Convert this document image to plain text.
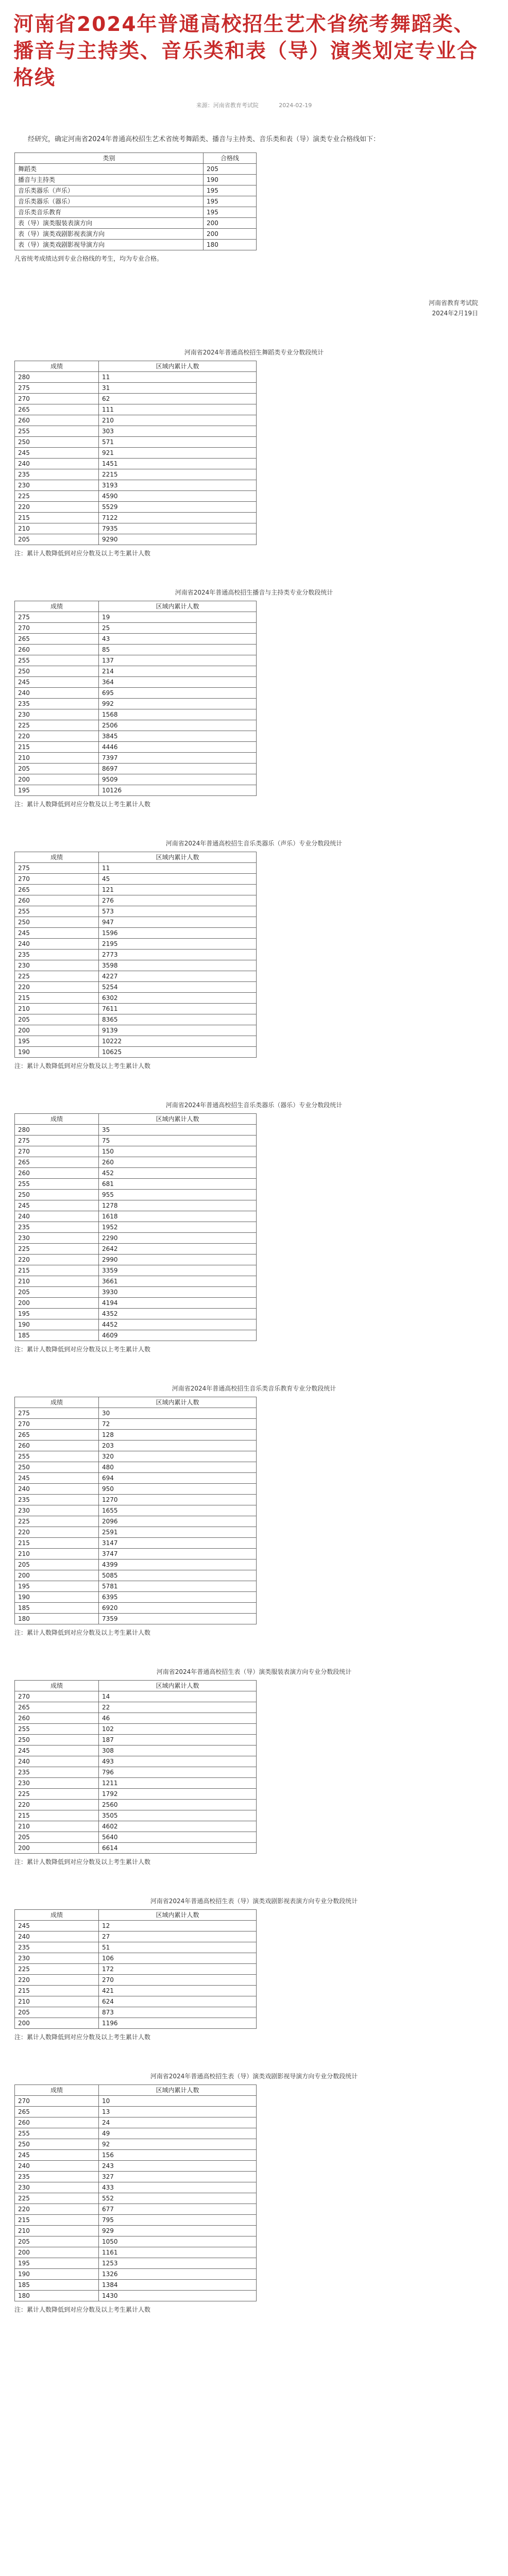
河南省2024年普通高校招生艺术省统考舞蹈类、播音与主持类、音乐类和表（导）演类划定专业合格线
来源：河南省教育考试院	2024-02-19

经研究，确定河南省2024年普通高校招生艺术省统考舞蹈类、播音与主持类、音乐类和表（导）演类专业合格线如下：

类别	合格线
舞蹈类	205
播音与主持类	190
音乐类器乐（声乐）	195
音乐类器乐（器乐）	195
音乐类音乐教育	195
表（导）演类服装表演方向	200
表（导）演类戏剧影视表演方向	200
表（导）演类戏剧影视导演方向	180
凡省统考成绩达到专业合格线的考生，均为专业合格。
河南省教育考试院
2024年2月19日
河南省2024年普通高校招生舞蹈类专业分数段统计
成绩	区域内累计人数
280	11
275	31
270	62
265	111
260	210
255	303
250	571
245	921
240	1451
235	2215
230	3193
225	4590
220	5529
215	7122
210	7935
205	9290
注：累计人数降低到对应分数及以上考生累计人数
河南省2024年普通高校招生播音与主持类专业分数段统计
成绩	区域内累计人数
275	19
270	25
265	43
260	85
255	137
250	214
245	364
240	695
235	992
230	1568
225	2506
220	3845
215	4446
210	7397
205	8697
200	9509
195	10126
注：累计人数降低到对应分数及以上考生累计人数
河南省2024年普通高校招生音乐类器乐（声乐）专业分数段统计
成绩	区域内累计人数
275	11
270	45
265	121
260	276
255	573
250	947
245	1596
240	2195
235	2773
230	3598
225	4227
220	5254
215	6302
210	7611
205	8365
200	9139
195	10222
190	10625
注：累计人数降低到对应分数及以上考生累计人数
河南省2024年普通高校招生音乐类器乐（器乐）专业分数段统计
成绩	区域内累计人数
280	35
275	75
270	150
265	260
260	452
255	681
250	955
245	1278
240	1618
235	1952
230	2290
225	2642
220	2990
215	3359
210	3661
205	3930
200	4194
195	4352
190	4452
185	4609
注：累计人数降低到对应分数及以上考生累计人数
河南省2024年普通高校招生音乐类音乐教育专业分数段统计
成绩	区域内累计人数
275	30
270	72
265	128
260	203
255	320
250	480
245	694
240	950
235	1270
230	1655
225	2096
220	2591
215	3147
210	3747
205	4399
200	5085
195	5781
190	6395
185	6920
180	7359
注：累计人数降低到对应分数及以上考生累计人数
河南省2024年普通高校招生表（导）演类服装表演方向专业分数段统计
成绩	区域内累计人数
270	14
265	22
260	46
255	102
250	187
245	308
240	493
235	796
230	1211
225	1792
220	2560
215	3505
210	4602
205	5640
200	6614
注：累计人数降低到对应分数及以上考生累计人数
河南省2024年普通高校招生表（导）演类戏剧影视表演方向专业分数段统计
成绩	区域内累计人数
245	12
240	27
235	51
230	106
225	172
220	270
215	421
210	624
205	873
200	1196
注：累计人数降低到对应分数及以上考生累计人数
河南省2024年普通高校招生表（导）演类戏剧影视导演方向专业分数段统计
成绩	区域内累计人数
270	10
265	13
260	24
255	49
250	92
245	156
240	243
235	327
230	433
225	552
220	677
215	795
210	929
205	1050
200	1161
195	1253
190	1326
185	1384
180	1430
注：累计人数降低到对应分数及以上考生累计人数
